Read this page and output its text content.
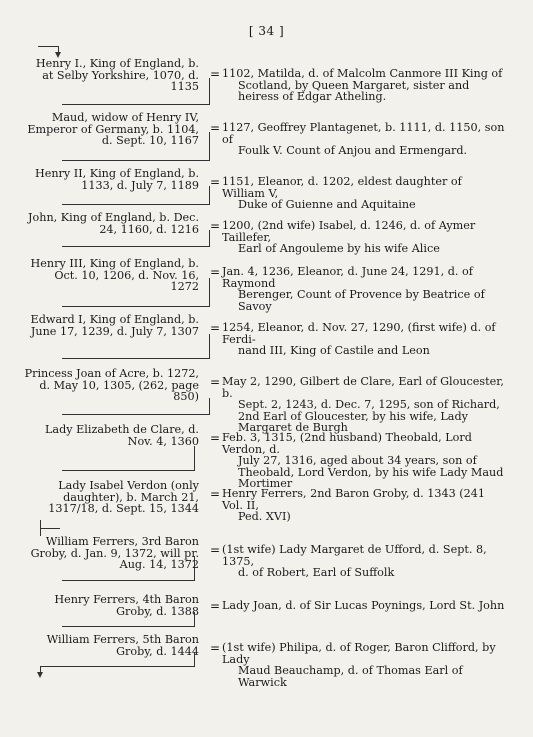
[ 34 ]
Henry I., King of England, b. at Selby Yorkshire, 1070, d. 1135
= 1102, Matilda, d. of Malcolm Canmore III King of
Scotland, by Queen Margaret, sister and heiress of Edgar Atheling.
Maud, widow of Henry IV, Emperor of Germany, b. 1104, d. Sept. 10, 1167
= 1127, Geoffrey Plantagenet, b. 1111, d. 1150, son of
Foulk V. Count of Anjou and Ermengard.
Henry II, King of England, b. 1133, d. July 7, 1189 = 1151, Eleanor, d. 1202, eldest daughter of William V,
Duke of Guienne and Aquitaine
John, King of England, b. Dec. 24, 1160, d. 1216 = 1200, (2nd wife) Isabel, d. 1246, d. of Aymer Taillefer,
Earl of Angouleme by his wife Alice
Henry III, King of England, b. Oct. 10, 1206, d. Nov. 16, 1272
= Jan. 4, 1236, Eleanor, d. June 24, 1291, d. of Raymond
Berenger, Count of Provence by Beatrice of Savoy
Edward I, King of England, b. June 17, 1239, d. July 7, 1307 = 1254, Eleanor, d. Nov. 27, 1290, (first wife) d. of Ferdi-
nand III, King of Castile and Leon
Princess Joan of Acre, b. 1272, d. May 10, 1305, (262, page 850)
= May 2, 1290, Gilbert de Clare, Earl of Gloucester, b.
Sept. 2, 1243, d. Dec. 7, 1295, son of Richard, 2nd Earl of Gloucester, by his wife, Lady Margaret de Burgh
Lady Elizabeth de Clare, d. Nov. 4, 1360 = Feb. 3, 1315, (2nd husband) Theobald, Lord Verdon, d.
July 27, 1316, aged about 34 years, son of Theobald, Lord Verdon, by his wife Lady Maud Mortimer
Lady Isabel Verdon (only daughter), b. March 21, 1317/18, d. Sept. 15, 1344
= Henry Ferrers, 2nd Baron Groby, d. 1343 (241 Vol. II,
Ped. XVI)
William Ferrers, 3rd Baron Groby, d. Jan. 9, 1372, will pr. Aug. 14, 1372
= (1st wife) Lady Margaret de Ufford, d. Sept. 8, 1375,
d. of Robert, Earl of Suffolk
Henry Ferrers, 4th Baron Groby, d. 1388 = Lady Joan, d. of Sir Lucas Poynings, Lord St. John
William Ferrers, 5th Baron Groby, d. 1444 = (1st wife) Philipa, d. of Roger, Baron Clifford, by Lady
Maud Beauchamp, d. of Thomas Earl of Warwick
